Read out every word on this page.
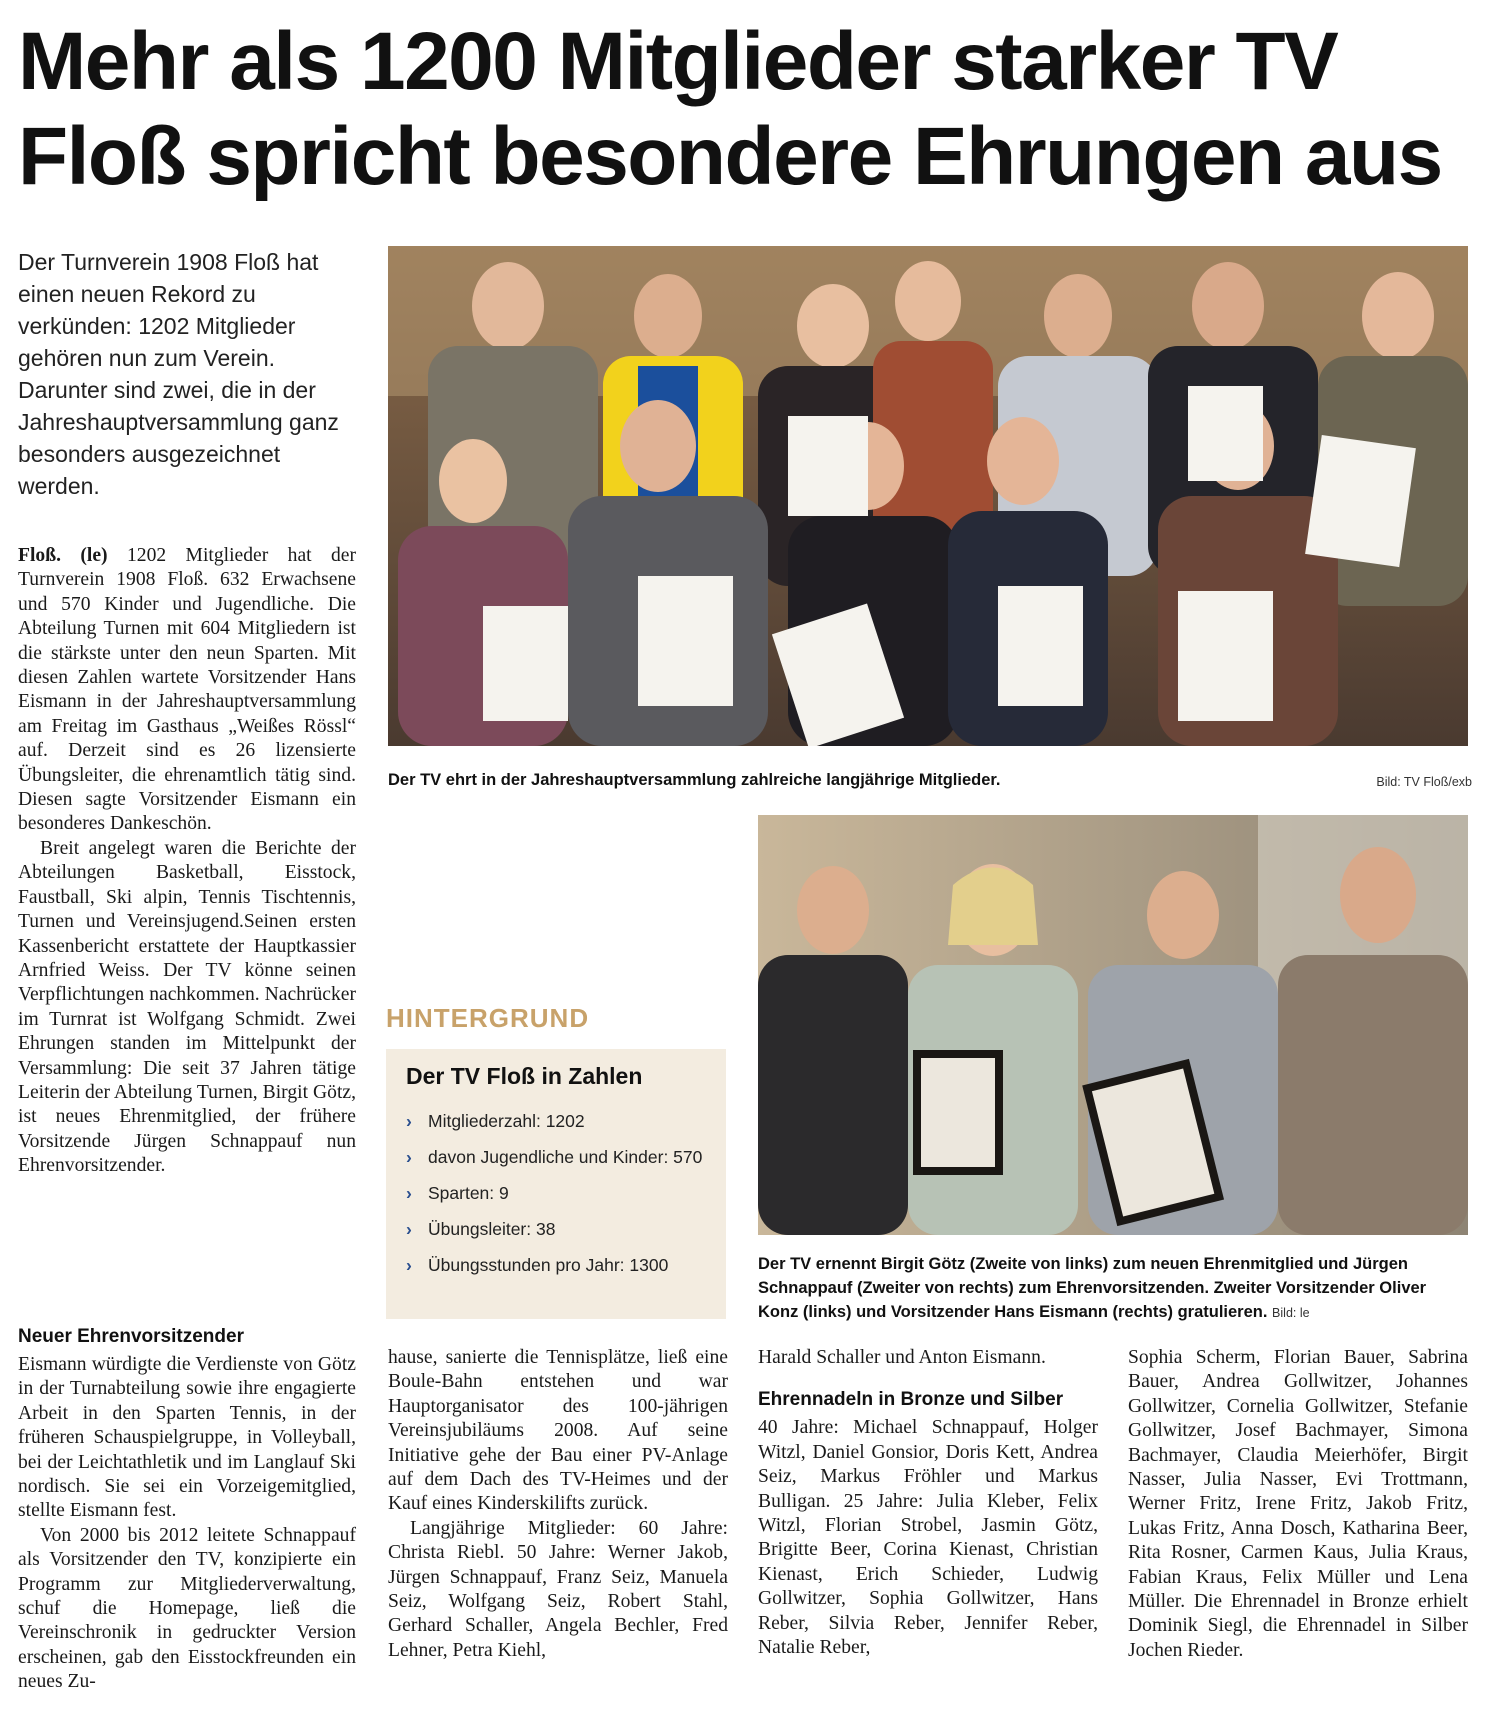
Mehr als 1200 Mitglieder starker TV Floß spricht besondere Ehrungen aus

Der Turnverein 1908 Floß hat einen neuen Rekord zu verkünden: 1202 Mitglieder gehören nun zum Verein. Darunter sind zwei, die in der Jahreshauptversammlung ganz besonders ausgezeichnet werden.

Floß. (le) 1202 Mitglieder hat der Turnverein 1908 Floß. 632 Erwachsene und 570 Kinder und Jugendliche. Die Abteilung Turnen mit 604 Mitgliedern ist die stärkste unter den neun Sparten. Mit diesen Zahlen wartete Vorsitzender Hans Eismann in der Jahreshauptversammlung am Freitag im Gasthaus „Weißes Rössl“ auf. Derzeit sind es 26 lizensierte Übungsleiter, die ehrenamtlich tätig sind. Diesen sagte Vorsitzender Eismann ein besonderes Dankeschön.

Breit angelegt waren die Berichte der Abteilungen Basketball, Eisstock, Faustball, Ski alpin, Tennis Tischtennis, Turnen und Vereinsjugend.Seinen ersten Kassenbericht erstattete der Hauptkassier Arnfried Weiss. Der TV könne seinen Verpflichtungen nachkommen. Nachrücker im Turnrat ist Wolfgang Schmidt. Zwei Ehrungen standen im Mittelpunkt der Versammlung: Die seit 37 Jahren tätige Leiterin der Abteilung Turnen, Birgit Götz, ist neues Ehrenmitglied, der frühere Vorsitzende Jürgen Schnappauf nun Ehrenvorsitzender.

Neuer Ehrenvorsitzender

Eismann würdigte die Verdienste von Götz in der Turnabteilung sowie ihre engagierte Arbeit in den Sparten Tennis, in der früheren Schauspielgruppe, in Volleyball, bei der Leichtathletik und im Langlauf Ski nordisch. Sie sei ein Vorzeigemitglied, stellte Eismann fest.

Von 2000 bis 2012 leitete Schnappauf als Vorsitzender den TV, konzipierte ein Programm zur Mitgliederverwaltung, schuf die Homepage, ließ die Vereinschronik in gedruckter Version erscheinen, gab den Eisstockfreunden ein neues Zu-

Der TV ehrt in der Jahreshauptversammlung zahlreiche langjährige Mitglieder.	Bild: TV Floß/exb

HINTERGRUND

Der TV Floß in Zahlen
› Mitgliederzahl: 1202
› davon Jugendliche und Kinder: 570
› Sparten: 9
› Übungsleiter: 38
› Übungsstunden pro Jahr: 1300	Der TV ernennt Birgit Götz (Zweite von links) zum neuen Ehrenmitglied und Jürgen Schnappauf (Zweiter von rechts) zum Ehrenvorsitzenden. Zweiter Vorsitzender Oliver Konz (links) und Vorsitzender Hans Eismann (rechts) gratulieren. Bild: le

hause, sanierte die Tennisplätze, ließ eine Boule-Bahn entstehen und war Hauptorganisator des 100-jährigen Vereinsjubiläums 2008. Auf seine Initiative gehe der Bau einer PV-Anlage auf dem Dach des TV-Heimes und der Kauf eines Kinderskilifts zurück.

Langjährige Mitglieder: 60 Jahre: Christa Riebl. 50 Jahre: Werner Jakob, Jürgen Schnappauf, Franz Seiz, Manuela Seiz, Wolfgang Seiz, Robert Stahl, Gerhard Schaller, Angela Bechler, Fred Lehner, Petra Kiehl,

Harald Schaller und Anton Eismann.

Ehrennadeln in Bronze und Silber

40 Jahre: Michael Schnappauf, Holger Witzl, Daniel Gonsior, Doris Kett, Andrea Seiz, Markus Fröhler und Markus Bulligan. 25 Jahre: Julia Kleber, Felix Witzl, Florian Strobel, Jasmin Götz, Brigitte Beer, Corina Kienast, Christian Kienast, Erich Schieder, Ludwig Gollwitzer, Sophia Gollwitzer, Hans Reber, Silvia Reber, Jennifer Reber, Natalie Reber,

Sophia Scherm, Florian Bauer, Sabrina Bauer, Andrea Gollwitzer, Johannes Gollwitzer, Cornelia Gollwitzer, Stefanie Gollwitzer, Josef Bachmayer, Simona Bachmayer, Claudia Meierhöfer, Birgit Nasser, Julia Nasser, Evi Trottmann, Werner Fritz, Irene Fritz, Jakob Fritz, Lukas Fritz, Anna Dosch, Katharina Beer, Rita Rosner, Carmen Kaus, Julia Kraus, Fabian Kraus, Felix Müller und Lena Müller. Die Ehrennadel in Bronze erhielt Dominik Siegl, die Ehrennadel in Silber Jochen Rieder.
